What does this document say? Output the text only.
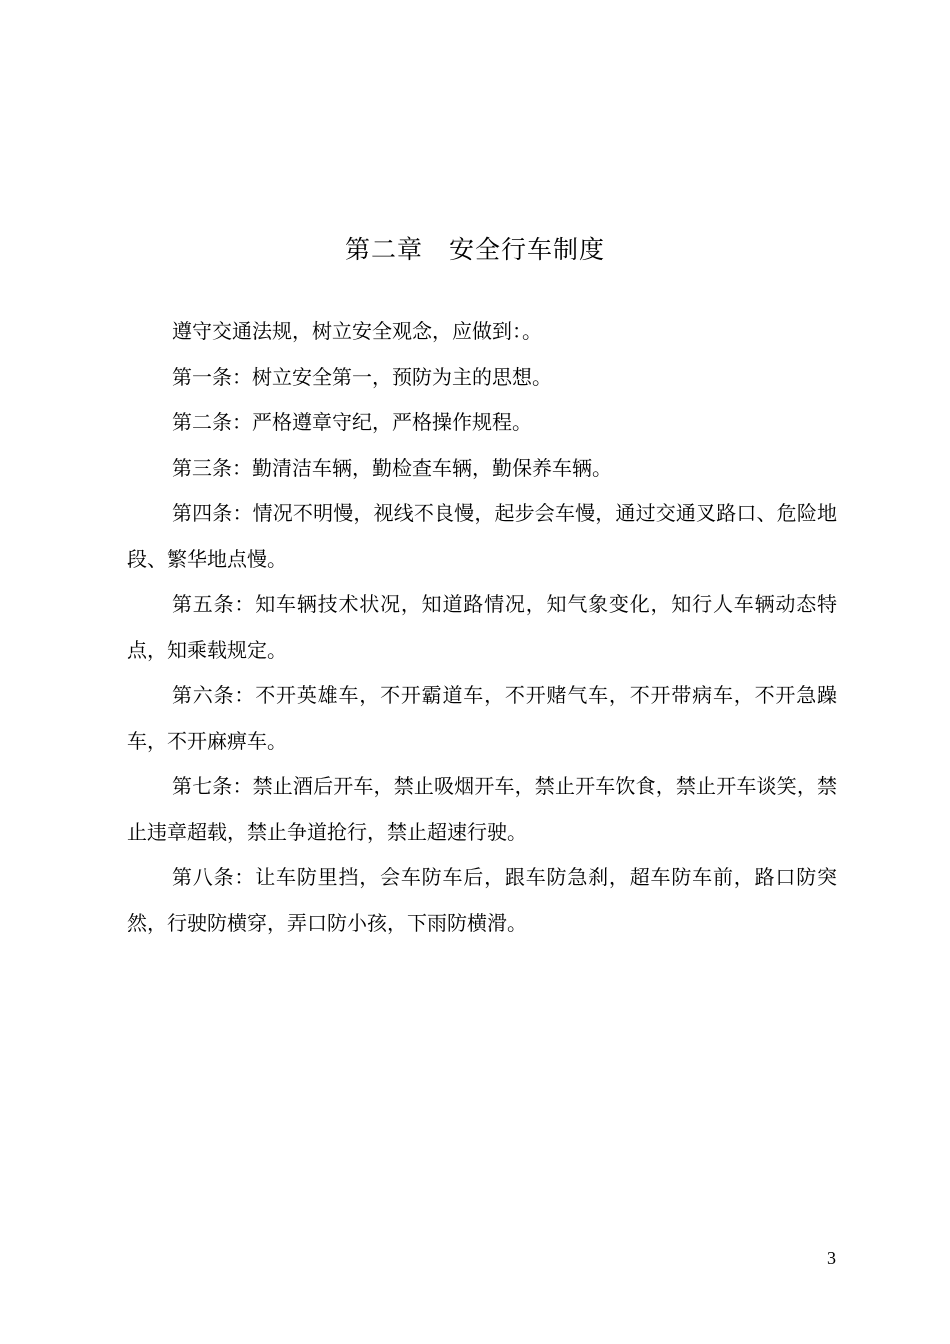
第二章　安全行车制度

遵守交通法规，树立安全观念，应做到：。

第一条：树立安全第一，预防为主的思想。

第二条：严格遵章守纪，严格操作规程。

第三条：勤清洁车辆，勤检查车辆，勤保养车辆。

第四条：情况不明慢，视线不良慢，起步会车慢，通过交通叉路口、危险地段、繁华地点慢。

第五条：知车辆技术状况，知道路情况，知气象变化，知行人车辆动态特点，知乘载规定。

第六条：不开英雄车，不开霸道车，不开赌气车，不开带病车，不开急躁车，不开麻痹车。

第七条：禁止酒后开车，禁止吸烟开车，禁止开车饮食，禁止开车谈笑，禁止违章超载，禁止争道抢行，禁止超速行驶。

第八条：让车防里挡，会车防车后，跟车防急刹，超车防车前，路口防突然，行驶防横穿，弄口防小孩，下雨防横滑。

3
